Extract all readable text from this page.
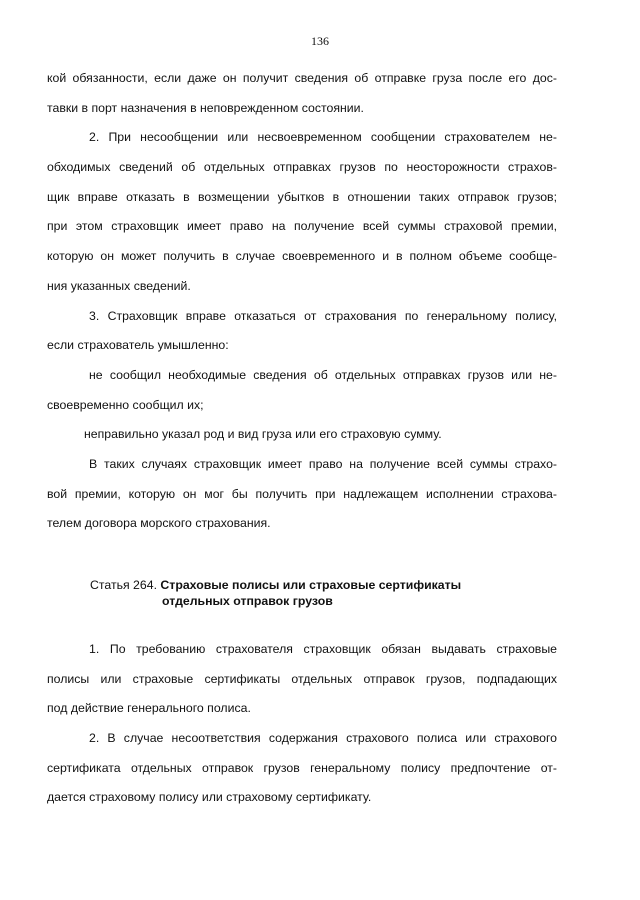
136
кой обязанности, если даже он получит сведения об отправке груза после его дос-
тавки в порт назначения в неповрежденном состоянии.
2. При несообщении или несвоевременном сообщении страхователем не-
обходимых сведений об отдельных отправках грузов по неосторожности страхов-
щик вправе отказать в возмещении убытков в отношении таких отправок грузов;
при этом страховщик имеет право на получение всей суммы страховой премии,
которую он может получить в случае своевременного и в полном объеме сообще-
ния указанных сведений.
3. Страховщик вправе отказаться от страхования по генеральному полису,
если страхователь умышленно:
не сообщил необходимые сведения об отдельных отправках грузов или не-
своевременно сообщил их;
неправильно указал род и вид груза или его страховую сумму.
В таких случаях страховщик имеет право на получение всей суммы страхо-
вой премии, которую он мог бы получить при надлежащем исполнении страхова-
телем договора морского страхования.
Статья 264. Страховые полисы или страховые сертификаты
отдельных отправок грузов
1. По требованию страхователя страховщик обязан выдавать страховые
полисы или страховые сертификаты отдельных отправок грузов, подпадающих
под действие генерального полиса.
2. В случае несоответствия содержания страхового полиса или страхового
сертификата отдельных отправок грузов генеральному полису предпочтение от-
дается страховому полису или страховому сертификату.
